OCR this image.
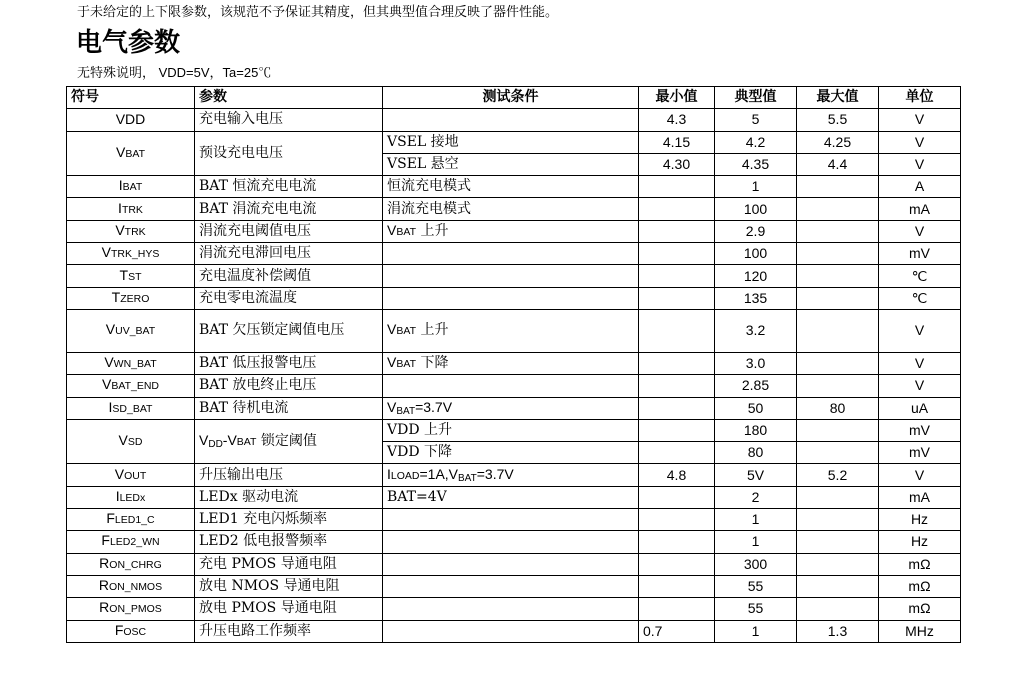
于未给定的上下限参数，该规范不予保证其精度，但其典型值合理反映了器件性能。
电气参数
无特殊说明， VDD=5V，Ta=25℃
符号	参数	测试条件	最小值	典型值	最大值	单位
VDD	充电输入电压		4.3	5	5.5	V
VBAT	预设充电电压	VSEL 接地	4.15	4.2	4.25	V
		VSEL 悬空	4.30	4.35	4.4	V
IBAT	BAT 恒流充电电流	恒流充电模式		1		A
ITRK	BAT 涓流充电电流	涓流充电模式		100		mA
VTRK	涓流充电阈值电压	VBAT 上升		2.9		V
VTRK_HYS	涓流充电滞回电压			100		mV
TST	充电温度补偿阈值			120		℃
TZERO	充电零电流温度			135		℃
VUV_BAT	BAT 欠压锁定阈值电压	VBAT 上升		3.2		V
VWN_BAT	BAT 低压报警电压	VBAT 下降		3.0		V
VBAT_END	BAT 放电终止电压			2.85		V
ISD_BAT	BAT 待机电流	$V_{BAT}=3.7V$		50	80	uA
VSD	$V_{DD}$-VBAT 锁定阈值	VDD 上升		180		mV
		VDD 下降		80		mV
VOUT	升压输出电压	$ILOAD=1A,V_{BAT}=3.7V$	4.8	5V	5.2	V
ILEDx	LEDx 驱动电流	BAT=4V		2		mA
FLED1_C	LED1 充电闪烁频率			1		Hz
FLED2_WN	LED2 低电报警频率			1		Hz
RON_CHRG	充电 PMOS 导通电阻			300		mΩ
RON_NMOS	放电 NMOS 导通电阻			55		mΩ
RON_PMOS	放电 PMOS 导通电阻			55		mΩ
FOSC	升压电路工作频率		0.7	1	1.3	MHz
